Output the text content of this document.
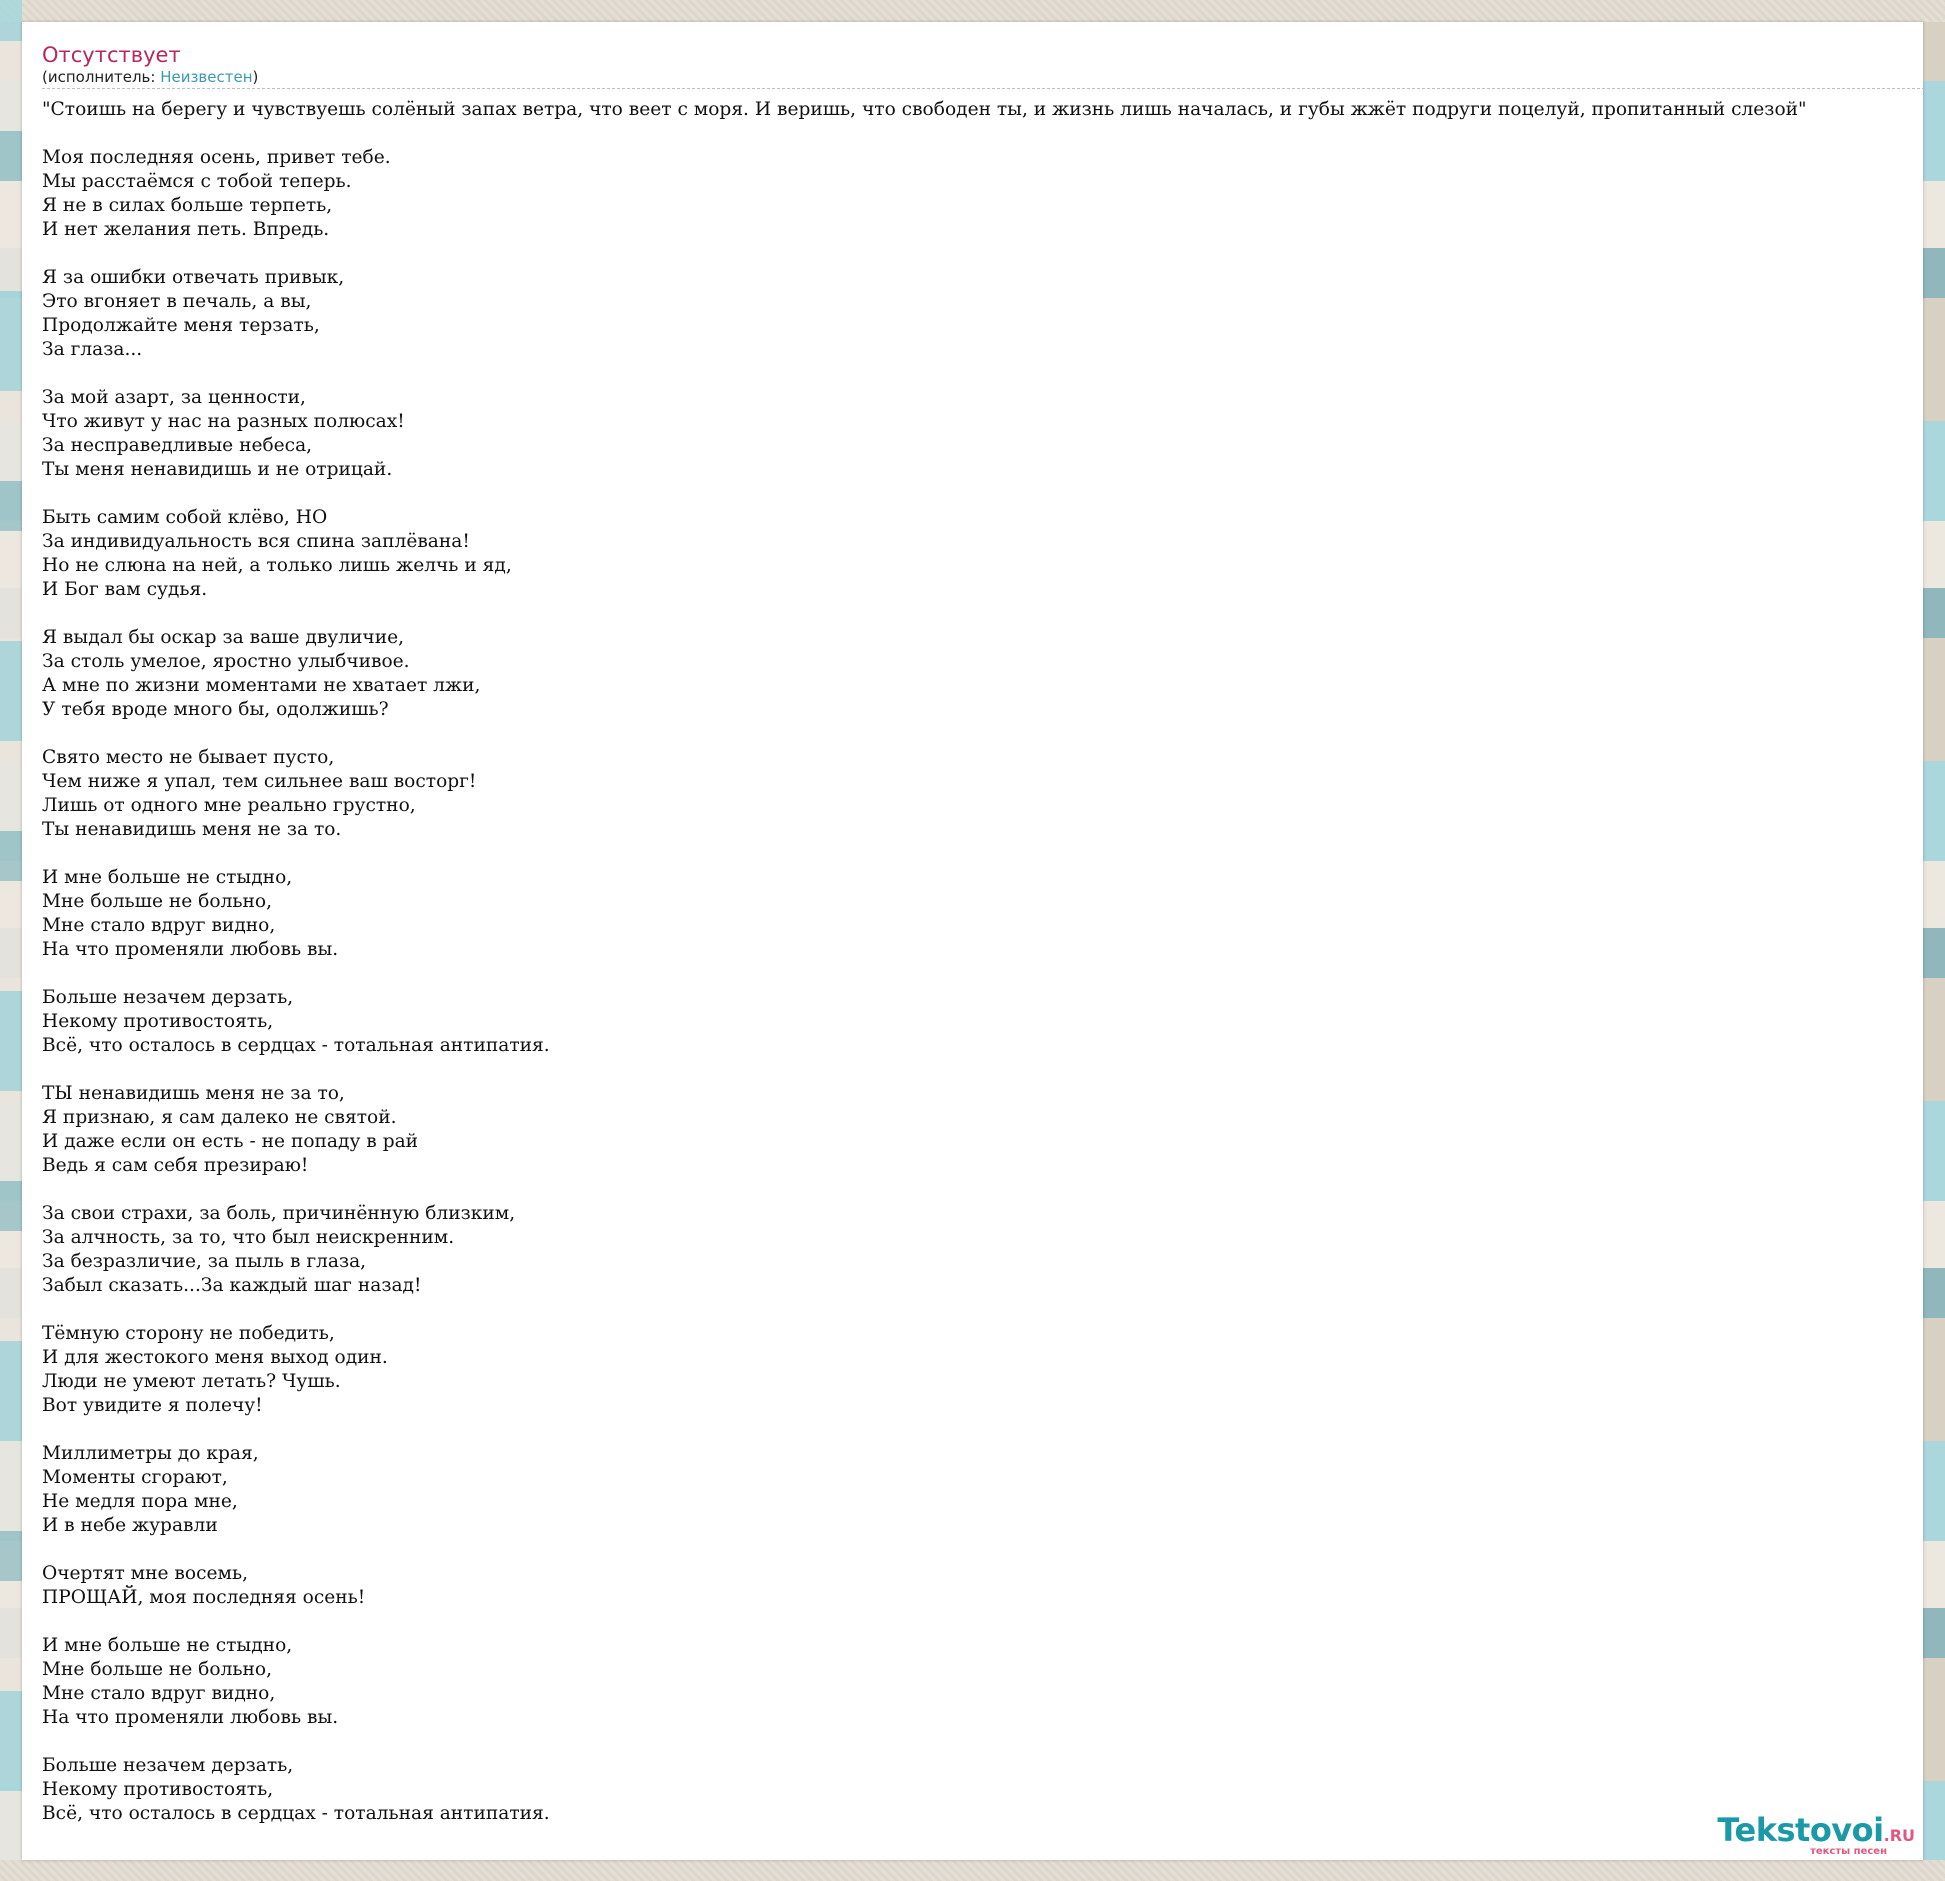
Отсутствует
(исполнитель: Неизвестен)
"Стоишь на берегу и чувствуешь солёный запах ветра, что веет с моря. И веришь, что свободен ты, и жизнь лишь началась, и губы жжёт подруги поцелуй, пропитанный слезой"

Моя последняя осень, привет тебе.
Мы расстаёмся с тобой теперь.
Я не в силах больше терпеть,
И нет желания петь. Впредь.

Я за ошибки отвечать привык,
Это вгоняет в печаль, а вы,
Продолжайте меня терзать,
За глаза...

За мой азарт, за ценности,
Что живут у нас на разных полюсах!
За несправедливые небеса,
Ты меня ненавидишь и не отрицай.

Быть самим собой клёво, НО
За индивидуальность вся спина заплёвана!
Но не слюна на ней, а только лишь желчь и яд,
И Бог вам судья.

Я выдал бы оскар за ваше двуличие,
За столь умелое, яростно улыбчивое.
А мне по жизни моментами не хватает лжи,
У тебя вроде много бы, одолжишь?

Свято место не бывает пусто,
Чем ниже я упал, тем сильнее ваш восторг!
Лишь от одного мне реально грустно,
Ты ненавидишь меня не за то.

И мне больше не стыдно,
Мне больше не больно,
Мне стало вдруг видно,
На что променяли любовь вы.

Больше незачем дерзать,
Некому противостоять,
Всё, что осталось в сердцах - тотальная антипатия.

ТЫ ненавидишь меня не за то,
Я признаю, я сам далеко не святой.
И даже если он есть - не попаду в рай
Ведь я сам себя презираю!

За свои страхи, за боль, причинённую близким,
За алчность, за то, что был неискренним.
За безразличие, за пыль в глаза,
Забыл сказать...За каждый шаг назад!

Тёмную сторону не победить,
И для жестокого меня выход один.
Люди не умеют летать? Чушь.
Вот увидите я полечу!

Миллиметры до края,
Моменты сгорают,
Не медля пора мне,
И в небе журавли

Очертят мне восемь,
ПРОЩАЙ, моя последняя осень!

И мне больше не стыдно,
Мне больше не больно,
Мне стало вдруг видно,
На что променяли любовь вы.

Больше незачем дерзать,
Некому противостоять,
Всё, что осталось в сердцах - тотальная антипатия.	Tekstovoi.RU
тексты песен
